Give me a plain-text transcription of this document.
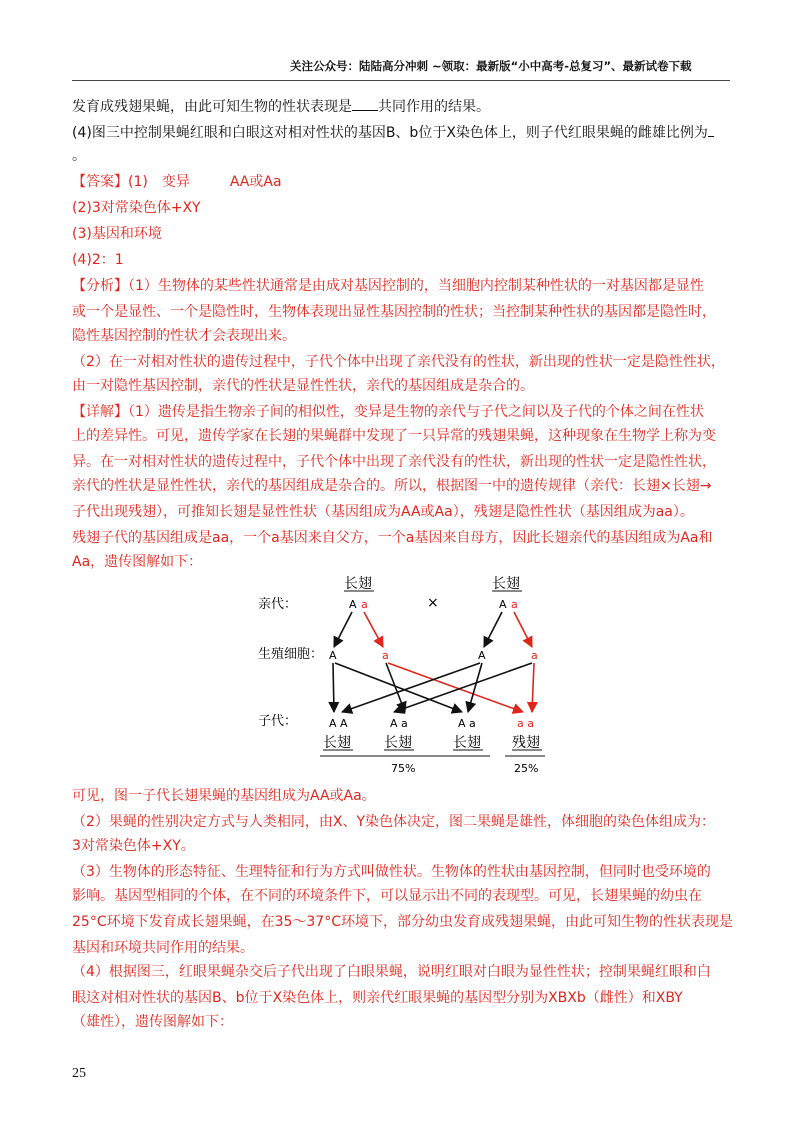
关注公众号：陆陆高分冲刺 ~领取：最新版“小中高考-总复习”、最新试卷下载
发育成残翅果蝇，由此可知生物的性状表现是 共同作用的结果。
(4)图三中控制果蝇红眼和白眼这对相对性状的基因B、b位于X染色体上，则子代红眼果蝇的雌雄比例为
。
【答案】(1) 变异	AA或Aa
(2)3对常染色体+XY
(3)基因和环境
(4)2：1
【分析】（1）生物体的某些性状通常是由成对基因控制的，当细胞内控制某种性状的一对基因都是显性
或一个是显性、一个是隐性时，生物体表现出显性基因控制的性状；当控制某种性状的基因都是隐性时，
隐性基因控制的性状才会表现出来。
（2）在一对相对性状的遗传过程中，子代个体中出现了亲代没有的性状，新出现的性状一定是隐性性状，
由一对隐性基因控制，亲代的性状是显性性状，亲代的基因组成是杂合的。
【详解】（1）遗传是指生物亲子间的相似性，变异是生物的亲代与子代之间以及子代的个体之间在性状
上的差异性。可见，遗传学家在长翅的果蝇群中发现了一只异常的残翅果蝇，这种现象在生物学上称为变
异。在一对相对性状的遗传过程中，子代个体中出现了亲代没有的性状，新出现的性状一定是隐性性状，
亲代的性状是显性性状，亲代的基因组成是杂合的。所以，根据图一中的遗传规律（亲代：长翅×长翅→
子代出现残翅），可推知长翅是显性性状（基因组成为AA或Aa），残翅是隐性性状（基因组成为aa）。
残翅子代的基因组成是aa，一个a基因来自父方，一个a基因来自母方，因此长翅亲代的基因组成为Aa和
Aa，遗传图解如下：
亲代：
生殖细胞：
子代：
长翅	长翅
A a	×	A a
A	a	A	a
A A	A a	A a	a a
长翅 长翅	长翅 残翅
75%	25%
可见，图一子代长翅果蝇的基因组成为AA或Aa。
（2）果蝇的性别决定方式与人类相同，由X、Y染色体决定，图二果蝇是雄性，体细胞的染色体组成为：
3对常染色体+XY。
（3）生物体的形态特征、生理特征和行为方式叫做性状。生物体的性状由基因控制，但同时也受环境的
影响。基因型相同的个体，在不同的环境条件下，可以显示出不同的表现型。可见，长翅果蝇的幼虫在
25°C环境下发育成长翅果蝇，在35～37°C环境下，部分幼虫发育成残翅果蝇，由此可知生物的性状表现是
基因和环境共同作用的结果。
（4）根据图三，红眼果蝇杂交后子代出现了白眼果蝇，说明红眼对白眼为显性性状；控制果蝇红眼和白
眼这对相对性状的基因B、b位于X染色体上，则亲代红眼果蝇的基因型分别为XBXb（雌性）和XBY
（雄性），遗传图解如下：
25
